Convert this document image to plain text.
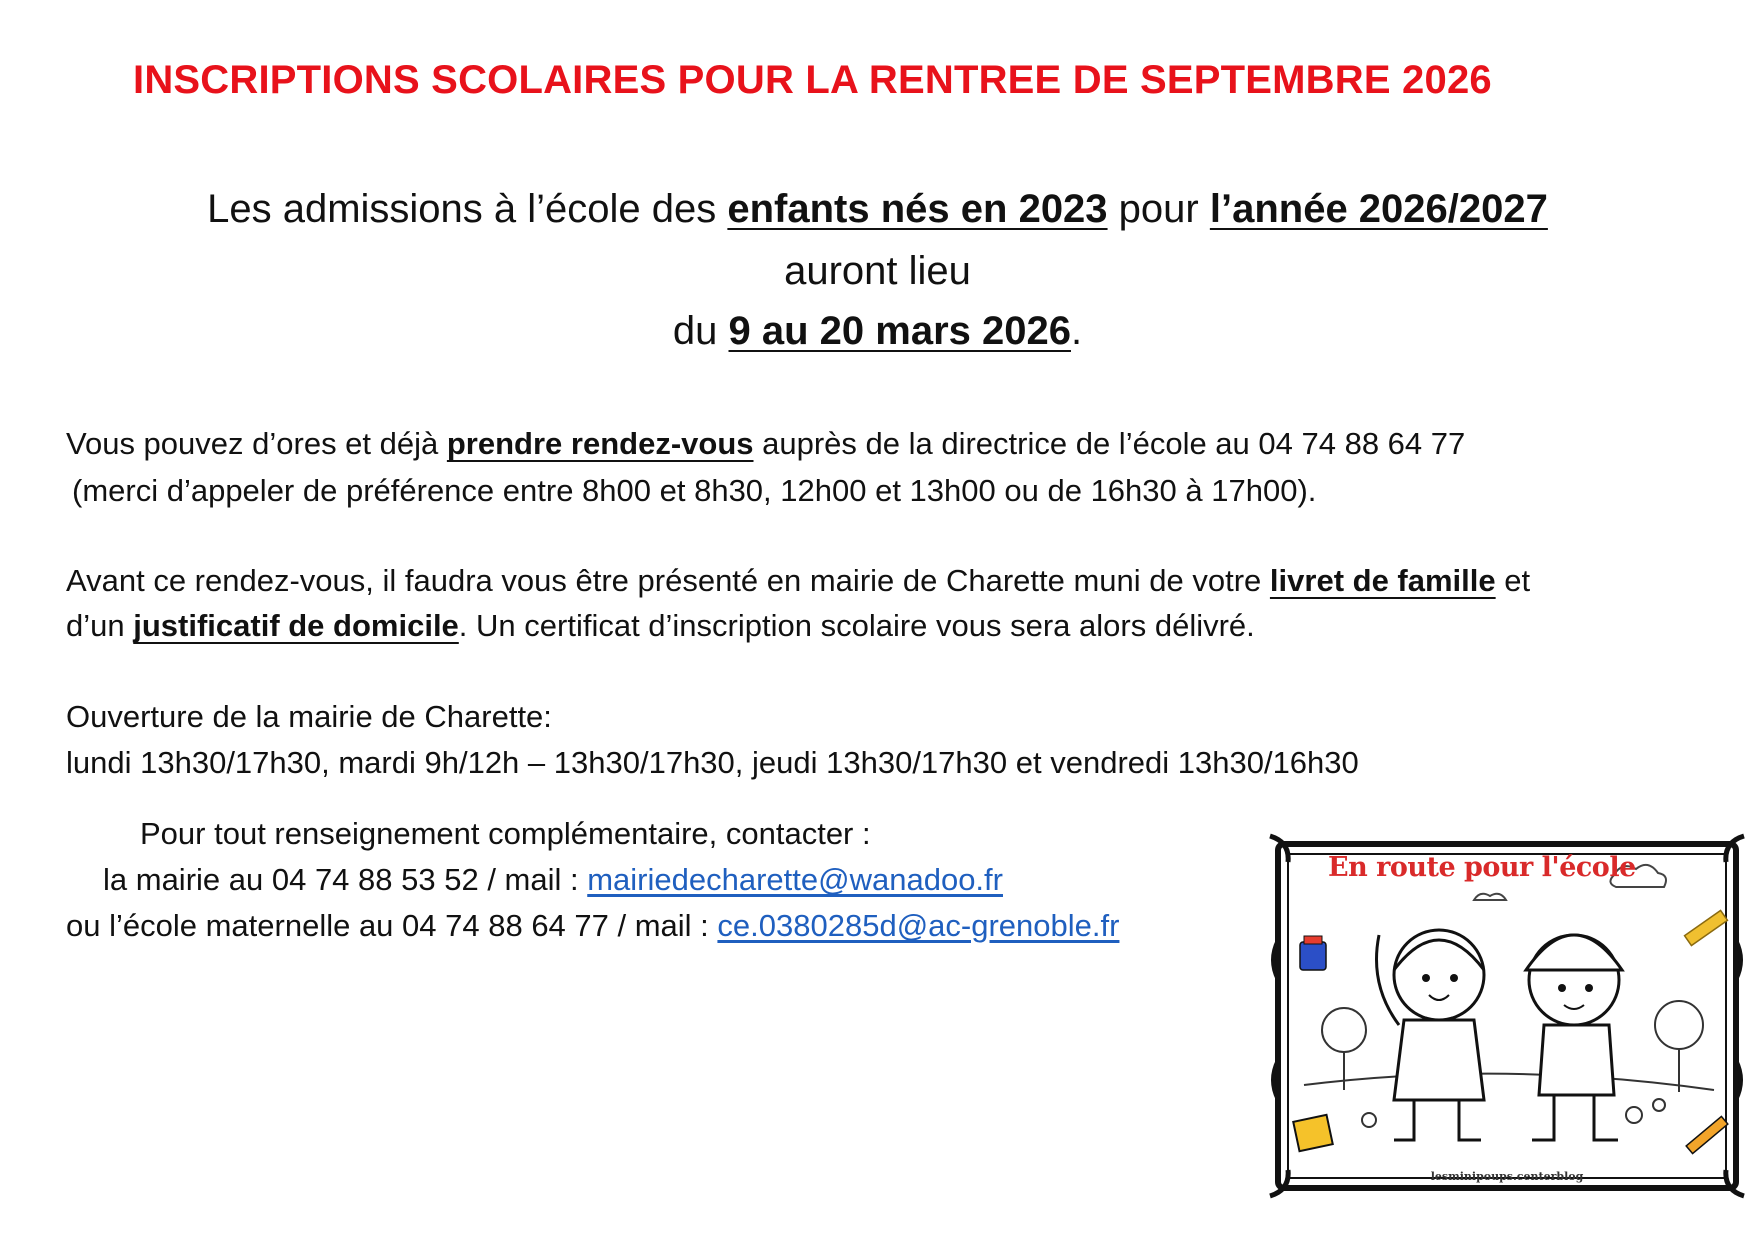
INSCRIPTIONS SCOLAIRES POUR LA RENTREE DE SEPTEMBRE 2026
Les admissions à l’école des enfants nés en 2023 pour l’année 2026/2027
auront lieu
du 9 au 20 mars 2026.
Vous pouvez d’ores et déjà prendre rendez-vous auprès de la directrice de l’école au 04 74 88 64 77
(merci d’appeler de préférence entre 8h00 et 8h30, 12h00 et 13h00 ou de 16h30 à 17h00).
Avant ce rendez-vous, il faudra vous être présenté en mairie de Charette muni de votre livret de famille et
d’un justificatif de domicile. Un certificat d’inscription scolaire vous sera alors délivré.
Ouverture de la mairie de Charette:
lundi 13h30/17h30, mardi 9h/12h – 13h30/17h30, jeudi 13h30/17h30 et vendredi 13h30/16h30
Pour tout renseignement complémentaire, contacter :
la mairie au 04 74 88 53 52 / mail : mairiedecharette@wanadoo.fr
ou l’école maternelle au 04 74 88 64 77 / mail : ce.0380285d@ac-grenoble.fr
En route pour l'école
lesminipoups.centerblog
